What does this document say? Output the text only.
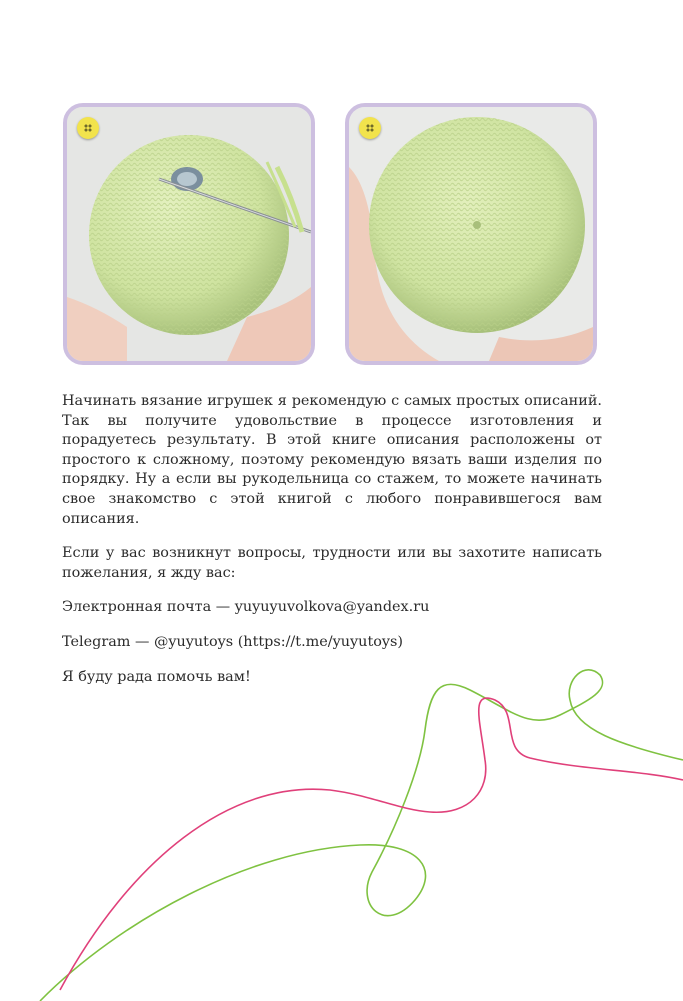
Начинать вязание игрушек я рекомендую с самых простых описаний. Так вы получите удовольствие в процессе изготовления и порадуетесь результату. В этой книге описания расположены от простого к сложному, поэтому рекомендую вязать ваши изделия по порядку. Ну а если вы рукодельница со стажем, то можете начинать свое знакомство с этой книгой с любого понравившегося вам описания.

Если у вас возникнут вопросы, трудности или вы захотите написать пожелания, я жду вас:

Электронная почта — yuyuyuvolkova@yandex.ru

Telegram — @yuyutoys (https://t.me/yuyutoys)

Я буду рада помочь вам!
